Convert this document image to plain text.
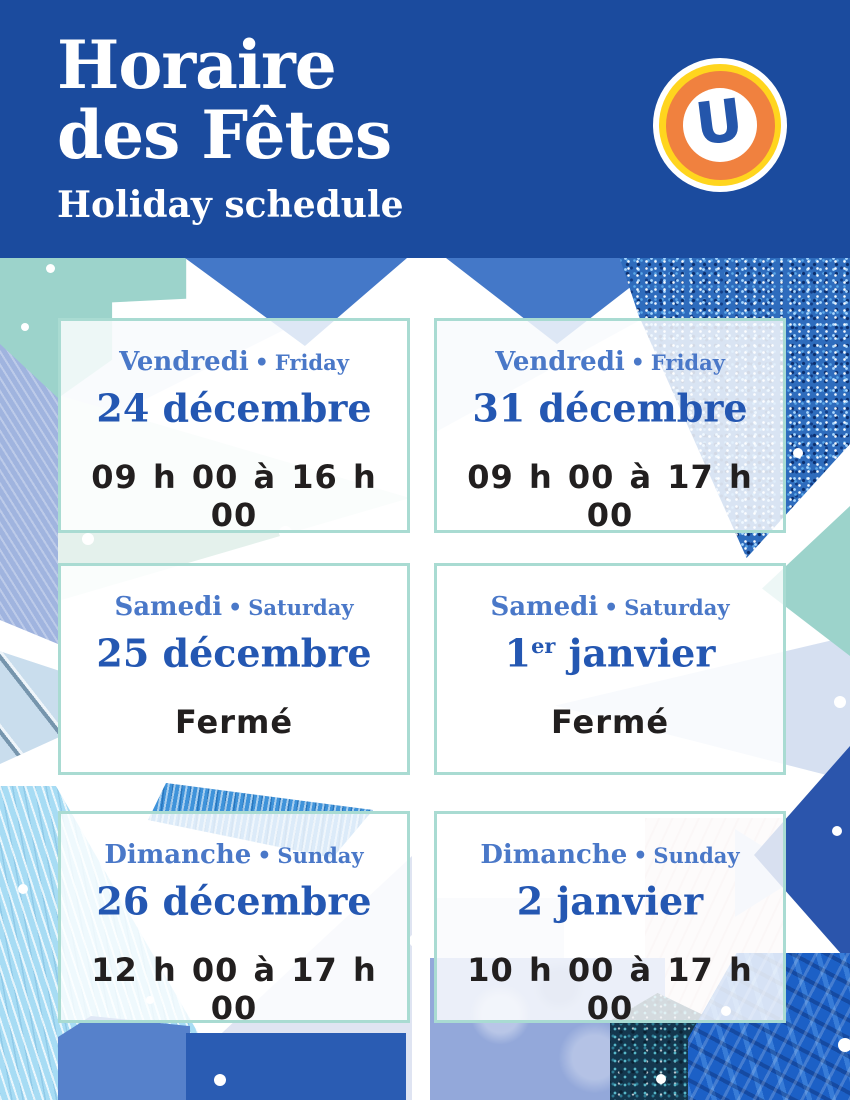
Horaire
des Fêtes
Holiday schedule
U
Vendredi • Friday
24 décembre
09 h 00 à 16 h 00
Vendredi • Friday
31 décembre
09 h 00 à 17 h 00
Samedi • Saturday
25 décembre
Fermé
Samedi • Saturday
1er janvier
Fermé
Dimanche • Sunday
26 décembre
12 h 00 à 17 h 00
Dimanche • Sunday
2 janvier
10 h 00 à 17 h 00
